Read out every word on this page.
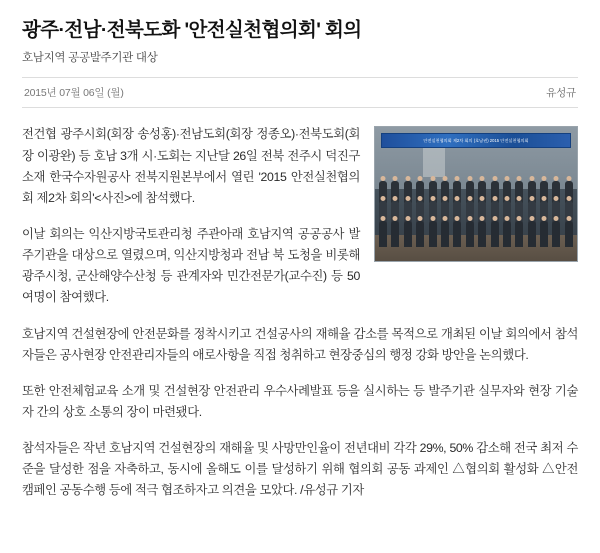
광주·전남·전북도화 '안전실천협의회' 회의
호남지역 공공발주기관 대상
2015년 07월 06일 (월)	유성규
안전실천협의회 제2차 회의 (호남권) 2015 안전실천협의회

전건협 광주시회(회장 송성홍)·전남도회(회장 정종오)·전북도회(회장 이광완) 등 호남 3개 시·도회는 지난달 26일 전북 전주시 덕진구 소재 한국수자원공사 전북지원본부에서 열린 '2015 안전실천협의회 제2차 회의'<사진>에 참석했다.

이날 회의는 익산지방국토관리청 주관아래 호남지역 공공공사 발주기관을 대상으로 열렸으며, 익산지방청과 전남 북 도청을 비롯해 광주시청, 군산해양수산청 등 관계자와 민간전문가(교수진) 등 50여명이 참여했다.

호남지역 건설현장에 안전문화를 정착시키고 건설공사의 재해율 감소를 목적으로 개최된 이날 회의에서 참석자들은 공사현장 안전관리자들의 애로사항을 직접 청취하고 현장중심의 행정 강화 방안을 논의했다.

또한 안전체험교육 소개 및 건설현장 안전관리 우수사례발표 등을 실시하는 등 발주기관 실무자와 현장 기술자 간의 상호 소통의 장이 마련됐다.

참석자들은 작년 호남지역 건설현장의 재해율 및 사망만인율이 전년대비 각각 29%, 50% 감소해 전국 최저 수준을 달성한 점을 자축하고, 동시에 올해도 이를 달성하기 위해 협의회 공동 과제인 △협의회 활성화 △안전 캠페인 공동수행 등에 적극 협조하자고 의견을 모았다. /유성규 기자
